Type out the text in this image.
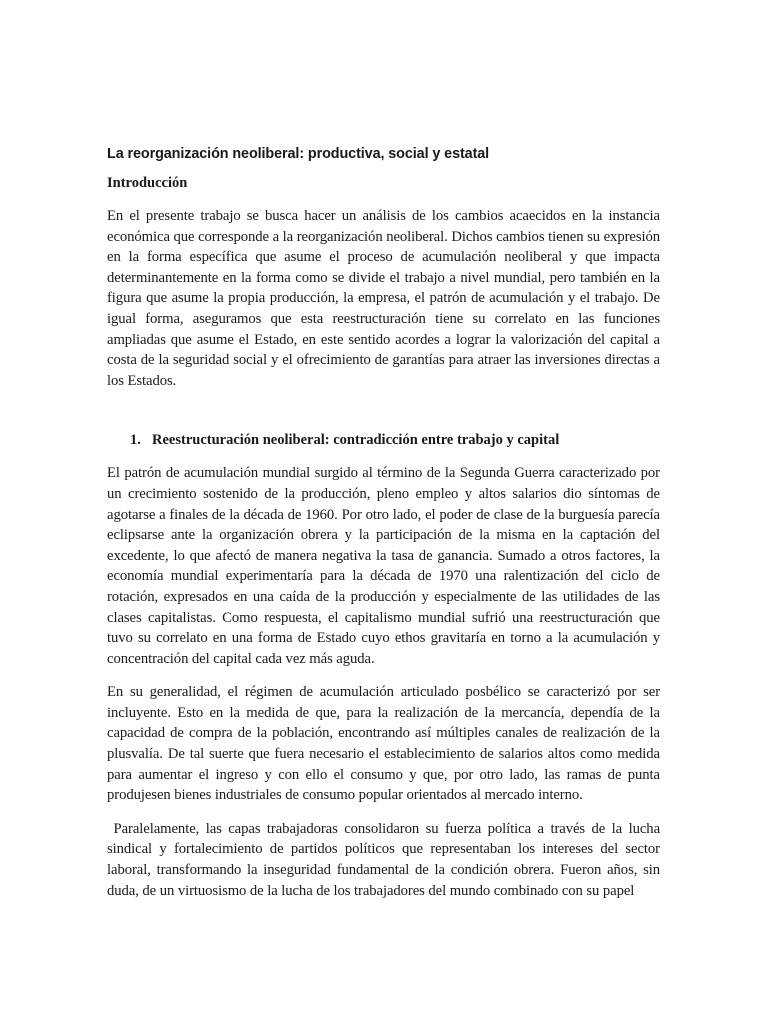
La reorganización neoliberal: productiva, social y estatal
Introducción

En el presente trabajo se busca hacer un análisis de los cambios acaecidos en la instancia económica que corresponde a la reorganización neoliberal. Dichos cambios tienen su expresión en la forma específica que asume el proceso de acumulación neoliberal y que impacta determinantemente en la forma como se divide el trabajo a nivel mundial, pero también en la figura que asume la propia producción, la empresa, el patrón de acumulación y el trabajo. De igual forma, aseguramos que esta reestructuración tiene su correlato en las funciones ampliadas que asume el Estado, en este sentido acordes a lograr la valorización del capital a costa de la seguridad social y el ofrecimiento de garantías para atraer las inversiones directas a los Estados.

1. Reestructuración neoliberal: contradicción entre trabajo y capital

El patrón de acumulación mundial surgido al término de la Segunda Guerra caracterizado por un crecimiento sostenido de la producción, pleno empleo y altos salarios dio síntomas de agotarse a finales de la década de 1960. Por otro lado, el poder de clase de la burguesía parecía eclipsarse ante la organización obrera y la participación de la misma en la captación del excedente, lo que afectó de manera negativa la tasa de ganancia. Sumado a otros factores, la economía mundial experimentaría para la década de 1970 una ralentización del ciclo de rotación, expresados en una caída de la producción y especialmente de las utilidades de las clases capitalistas. Como respuesta, el capitalismo mundial sufrió una reestructuración que tuvo su correlato en una forma de Estado cuyo ethos gravitaría en torno a la acumulación y concentración del capital cada vez más aguda.

En su generalidad, el régimen de acumulación articulado posbélico se caracterizó por ser incluyente. Esto en la medida de que, para la realización de la mercancía, dependía de la capacidad de compra de la población, encontrando así múltiples canales de realización de la plusvalía. De tal suerte que fuera necesario el establecimiento de salarios altos como medida para aumentar el ingreso y con ello el consumo y que, por otro lado, las ramas de punta produjesen bienes industriales de consumo popular orientados al mercado interno.

Paralelamente, las capas trabajadoras consolidaron su fuerza política a través de la lucha sindical y fortalecimiento de partidos políticos que representaban los intereses del sector laboral, transformando la inseguridad fundamental de la condición obrera. Fueron años, sin duda, de un virtuosismo de la lucha de los trabajadores del mundo combinado con su papel
